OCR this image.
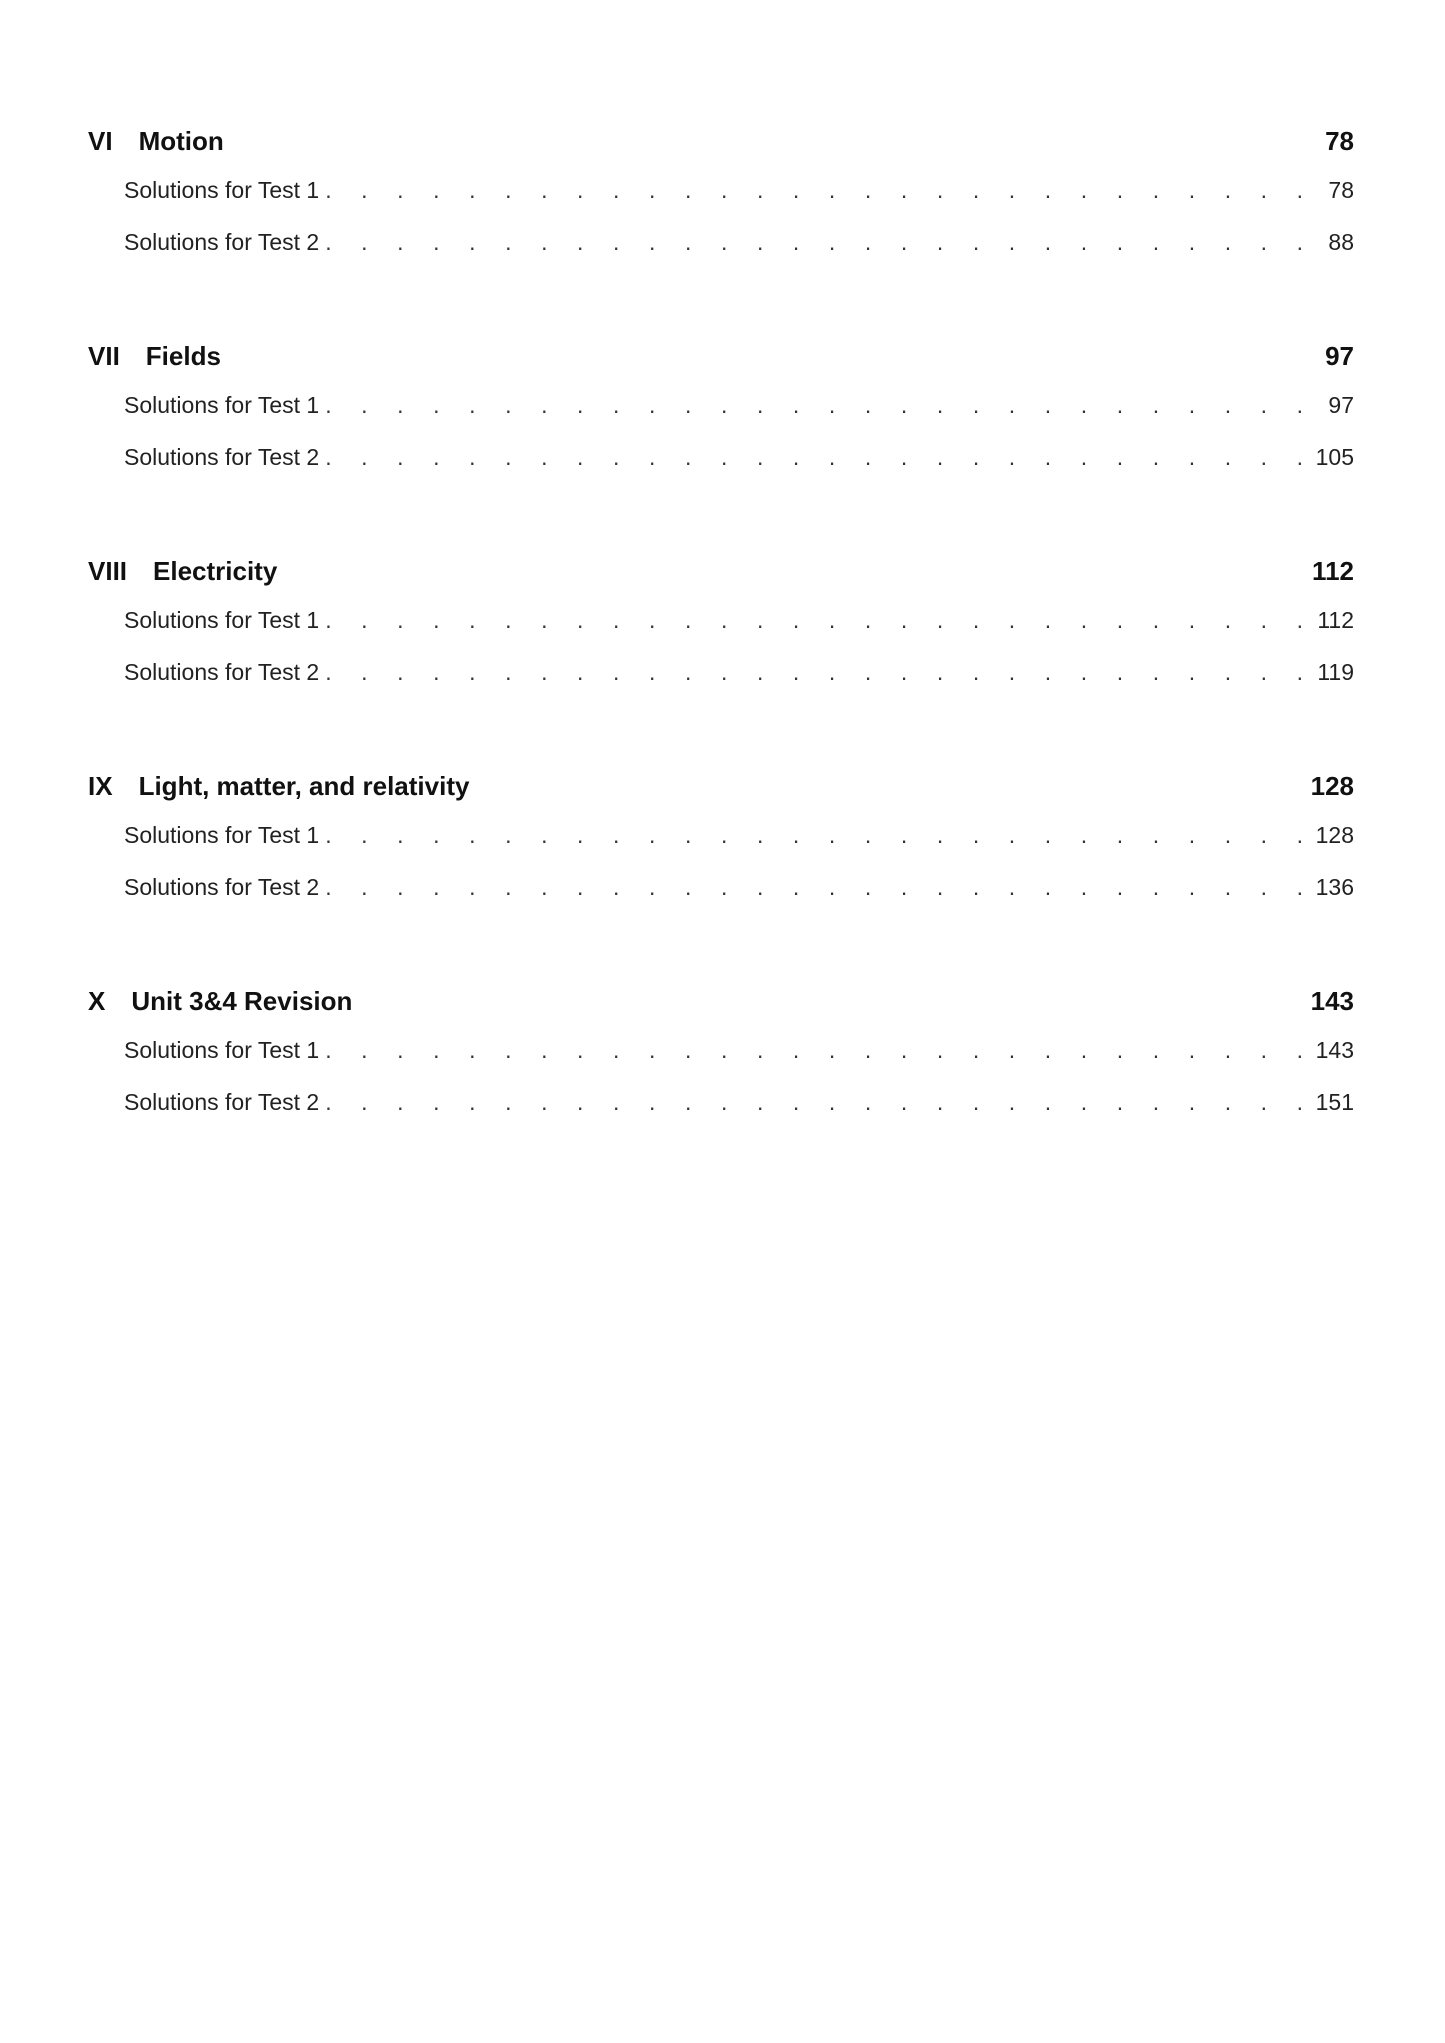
VI Motion	78
Solutions for Test 1 . . .	78
Solutions for Test 2 . . .	88
VII Fields	97
Solutions for Test 1 . . .	97
Solutions for Test 2 . . .	105
VIII Electricity	112
Solutions for Test 1 . . .	112
Solutions for Test 2 . . .	119
IX Light, matter, and relativity	128
Solutions for Test 1 . . .	128
Solutions for Test 2 . . .	136
X Unit 3&4 Revision	143
Solutions for Test 1 . . .	143
Solutions for Test 2 . . .	151
